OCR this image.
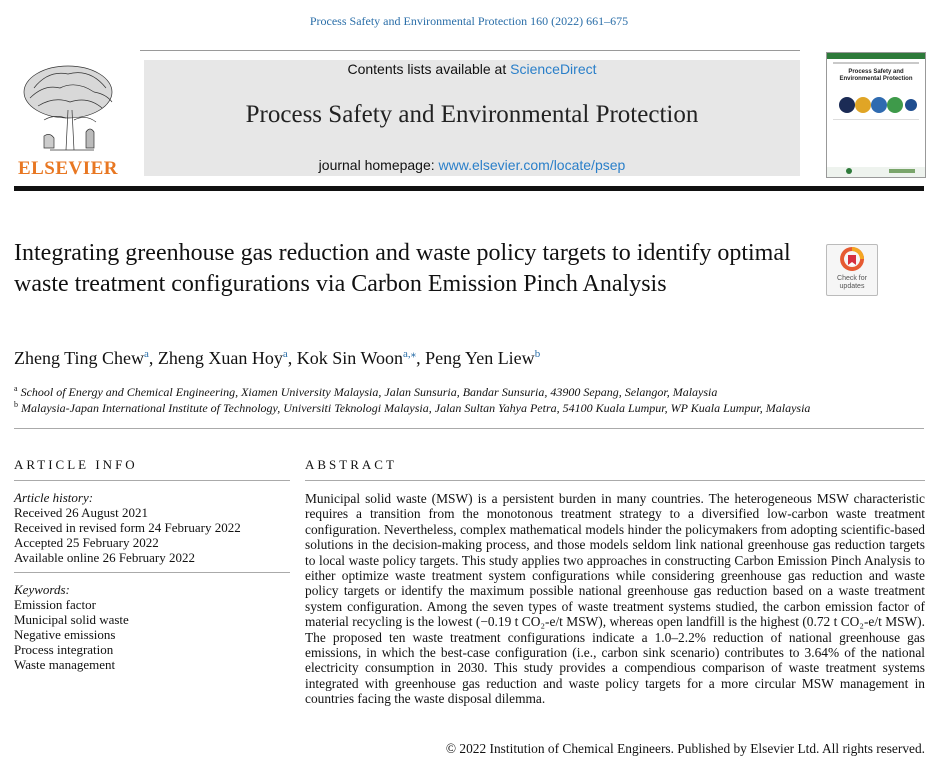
Process Safety and Environmental Protection 160 (2022) 661–675
ELSEVIER
Contents lists available at ScienceDirect
Process Safety and Environmental Protection
journal homepage: www.elsevier.com/locate/psep
Process Safety and
Environmental Protection
Integrating greenhouse gas reduction and waste policy targets to identify optimal waste treatment configurations via Carbon Emission Pinch Analysis	Check for
updates
Zheng Ting Chew$^a$, Zheng Xuan Hoy$^a$, Kok Sin Woon$^{a,⁎}$, Peng Yen Liew$^b$
$^a$ School of Energy and Chemical Engineering, Xiamen University Malaysia, Jalan Sunsuria, Bandar Sunsuria, 43900 Sepang, Selangor, Malaysia
$^b$ Malaysia-Japan International Institute of Technology, Universiti Teknologi Malaysia, Jalan Sultan Yahya Petra, 54100 Kuala Lumpur, WP Kuala Lumpur, Malaysia
ARTICLE INFO
Article history:
Received 26 August 2021
Received in revised form 24 February 2022
Accepted 25 February 2022
Available online 26 February 2022
Keywords:
Emission factor
Municipal solid waste
Negative emissions
Process integration
Waste management
ABSTRACT
Municipal solid waste (MSW) is a persistent burden in many countries. The heterogeneous MSW characteristic requires a transition from the monotonous treatment strategy to a diversified low-carbon waste treatment configuration. Nevertheless, complex mathematical models hinder the policymakers from adopting scientific-based solutions in the decision-making process, and those models seldom link national greenhouse gas reduction targets to local waste policy targets. This study applies two approaches in constructing Carbon Emission Pinch Analysis to either optimize waste treatment system configurations while considering greenhouse gas reduction and waste policy targets or identify the maximum possible national greenhouse gas reduction based on a waste treatment system configuration. Among the seven types of waste treatment systems studied, the carbon emission factor of material recycling is the lowest (−0.19 t CO₂-e/t MSW), whereas open landfill is the highest (0.72 t CO₂-e/t MSW). The proposed ten waste treatment configurations indicate a 1.0–2.2% reduction of national greenhouse gas emissions, in which the best-case configuration (i.e., carbon sink scenario) contributes to 3.64% of the national electricity consumption in 2030. This study provides a compendious comparison of waste treatment systems integrated with greenhouse gas reduction and waste policy targets for a more circular MSW management in countries facing the waste disposal dilemma.
© 2022 Institution of Chemical Engineers. Published by Elsevier Ltd. All rights reserved.
